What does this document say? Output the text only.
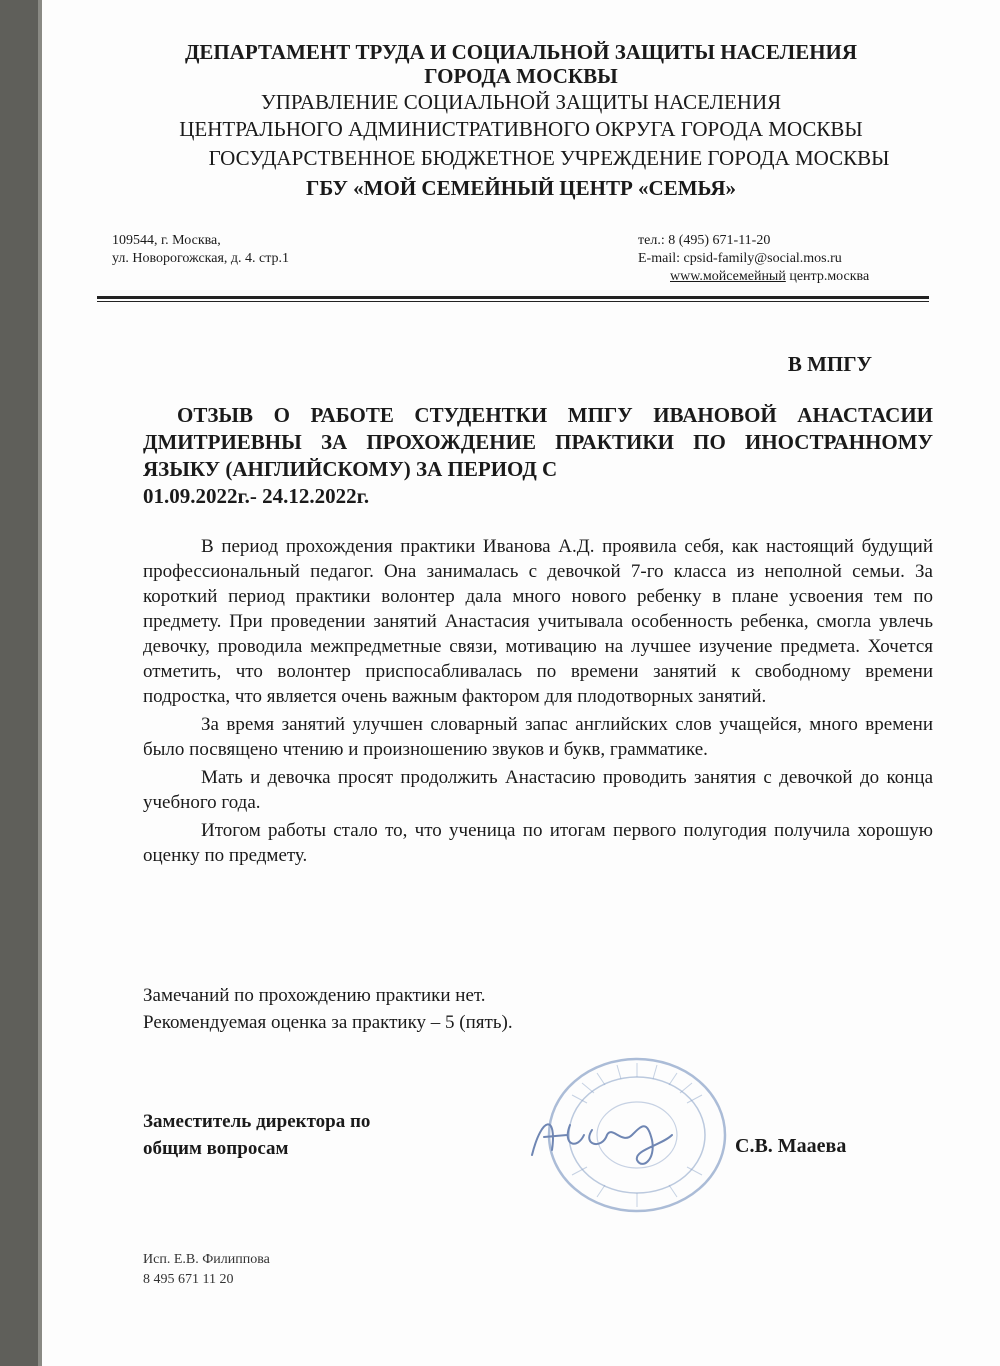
ДЕПАРТАМЕНТ ТРУДА И СОЦИАЛЬНОЙ ЗАЩИТЫ НАСЕЛЕНИЯ
ГОРОДА МОСКВЫ
УПРАВЛЕНИЕ СОЦИАЛЬНОЙ ЗАЩИТЫ НАСЕЛЕНИЯ
ЦЕНТРАЛЬНОГО АДМИНИСТРАТИВНОГО ОКРУГА ГОРОДА МОСКВЫ
ГОСУДАРСТВЕННОЕ БЮДЖЕТНОЕ УЧРЕЖДЕНИЕ ГОРОДА МОСКВЫ
ГБУ «МОЙ СЕМЕЙНЫЙ ЦЕНТР «СЕМЬЯ»
109544, г. Москва,
ул. Новорогожская, д. 4. стр.1
тел.: 8 (495) 671-11-20
E-mail: cpsid-family@social.mos.ru
www.мойсемейный центр.москва
В МПГУ
ОТЗЫВ О РАБОТЕ СТУДЕНТКИ МПГУ ИВАНОВОЙ АНАСТАСИИ ДМИТРИЕВНЫ ЗА ПРОХОЖДЕНИЕ ПРАКТИКИ ПО ИНОСТРАННОМУ ЯЗЫКУ (АНГЛИЙСКОМУ) ЗА ПЕРИОД С
01.09.2022г.- 24.12.2022г.

В период прохождения практики Иванова А.Д. проявила себя, как настоящий будущий профессиональный педагог. Она занималась с девочкой 7-го класса из неполной семьи. За короткий период практики волонтер дала много нового ребенку в плане усвоения тем по предмету. При проведении занятий Анастасия учитывала особенность ребенка, смогла увлечь девочку, проводила межпредметные связи, мотивацию на лучшее изучение предмета. Хочется отметить, что волонтер приспосабливалась по времени занятий к свободному времени подростка, что является очень важным фактором для плодотворных занятий.

За время занятий улучшен словарный запас английских слов учащейся, много времени было посвящено чтению и произношению звуков и букв, грамматике.

Мать и девочка просят продолжить Анастасию проводить занятия с девочкой до конца учебного года.

Итогом работы стало то, что ученица по итогам первого полугодия получила хорошую оценку по предмету.

Замечаний по прохождению практики нет.
Рекомендуемая оценка за практику – 5 (пять).
Заместитель директора по
общим вопросам	С.В. Мааева
Исп. Е.В. Филиппова
8 495 671 11 20
